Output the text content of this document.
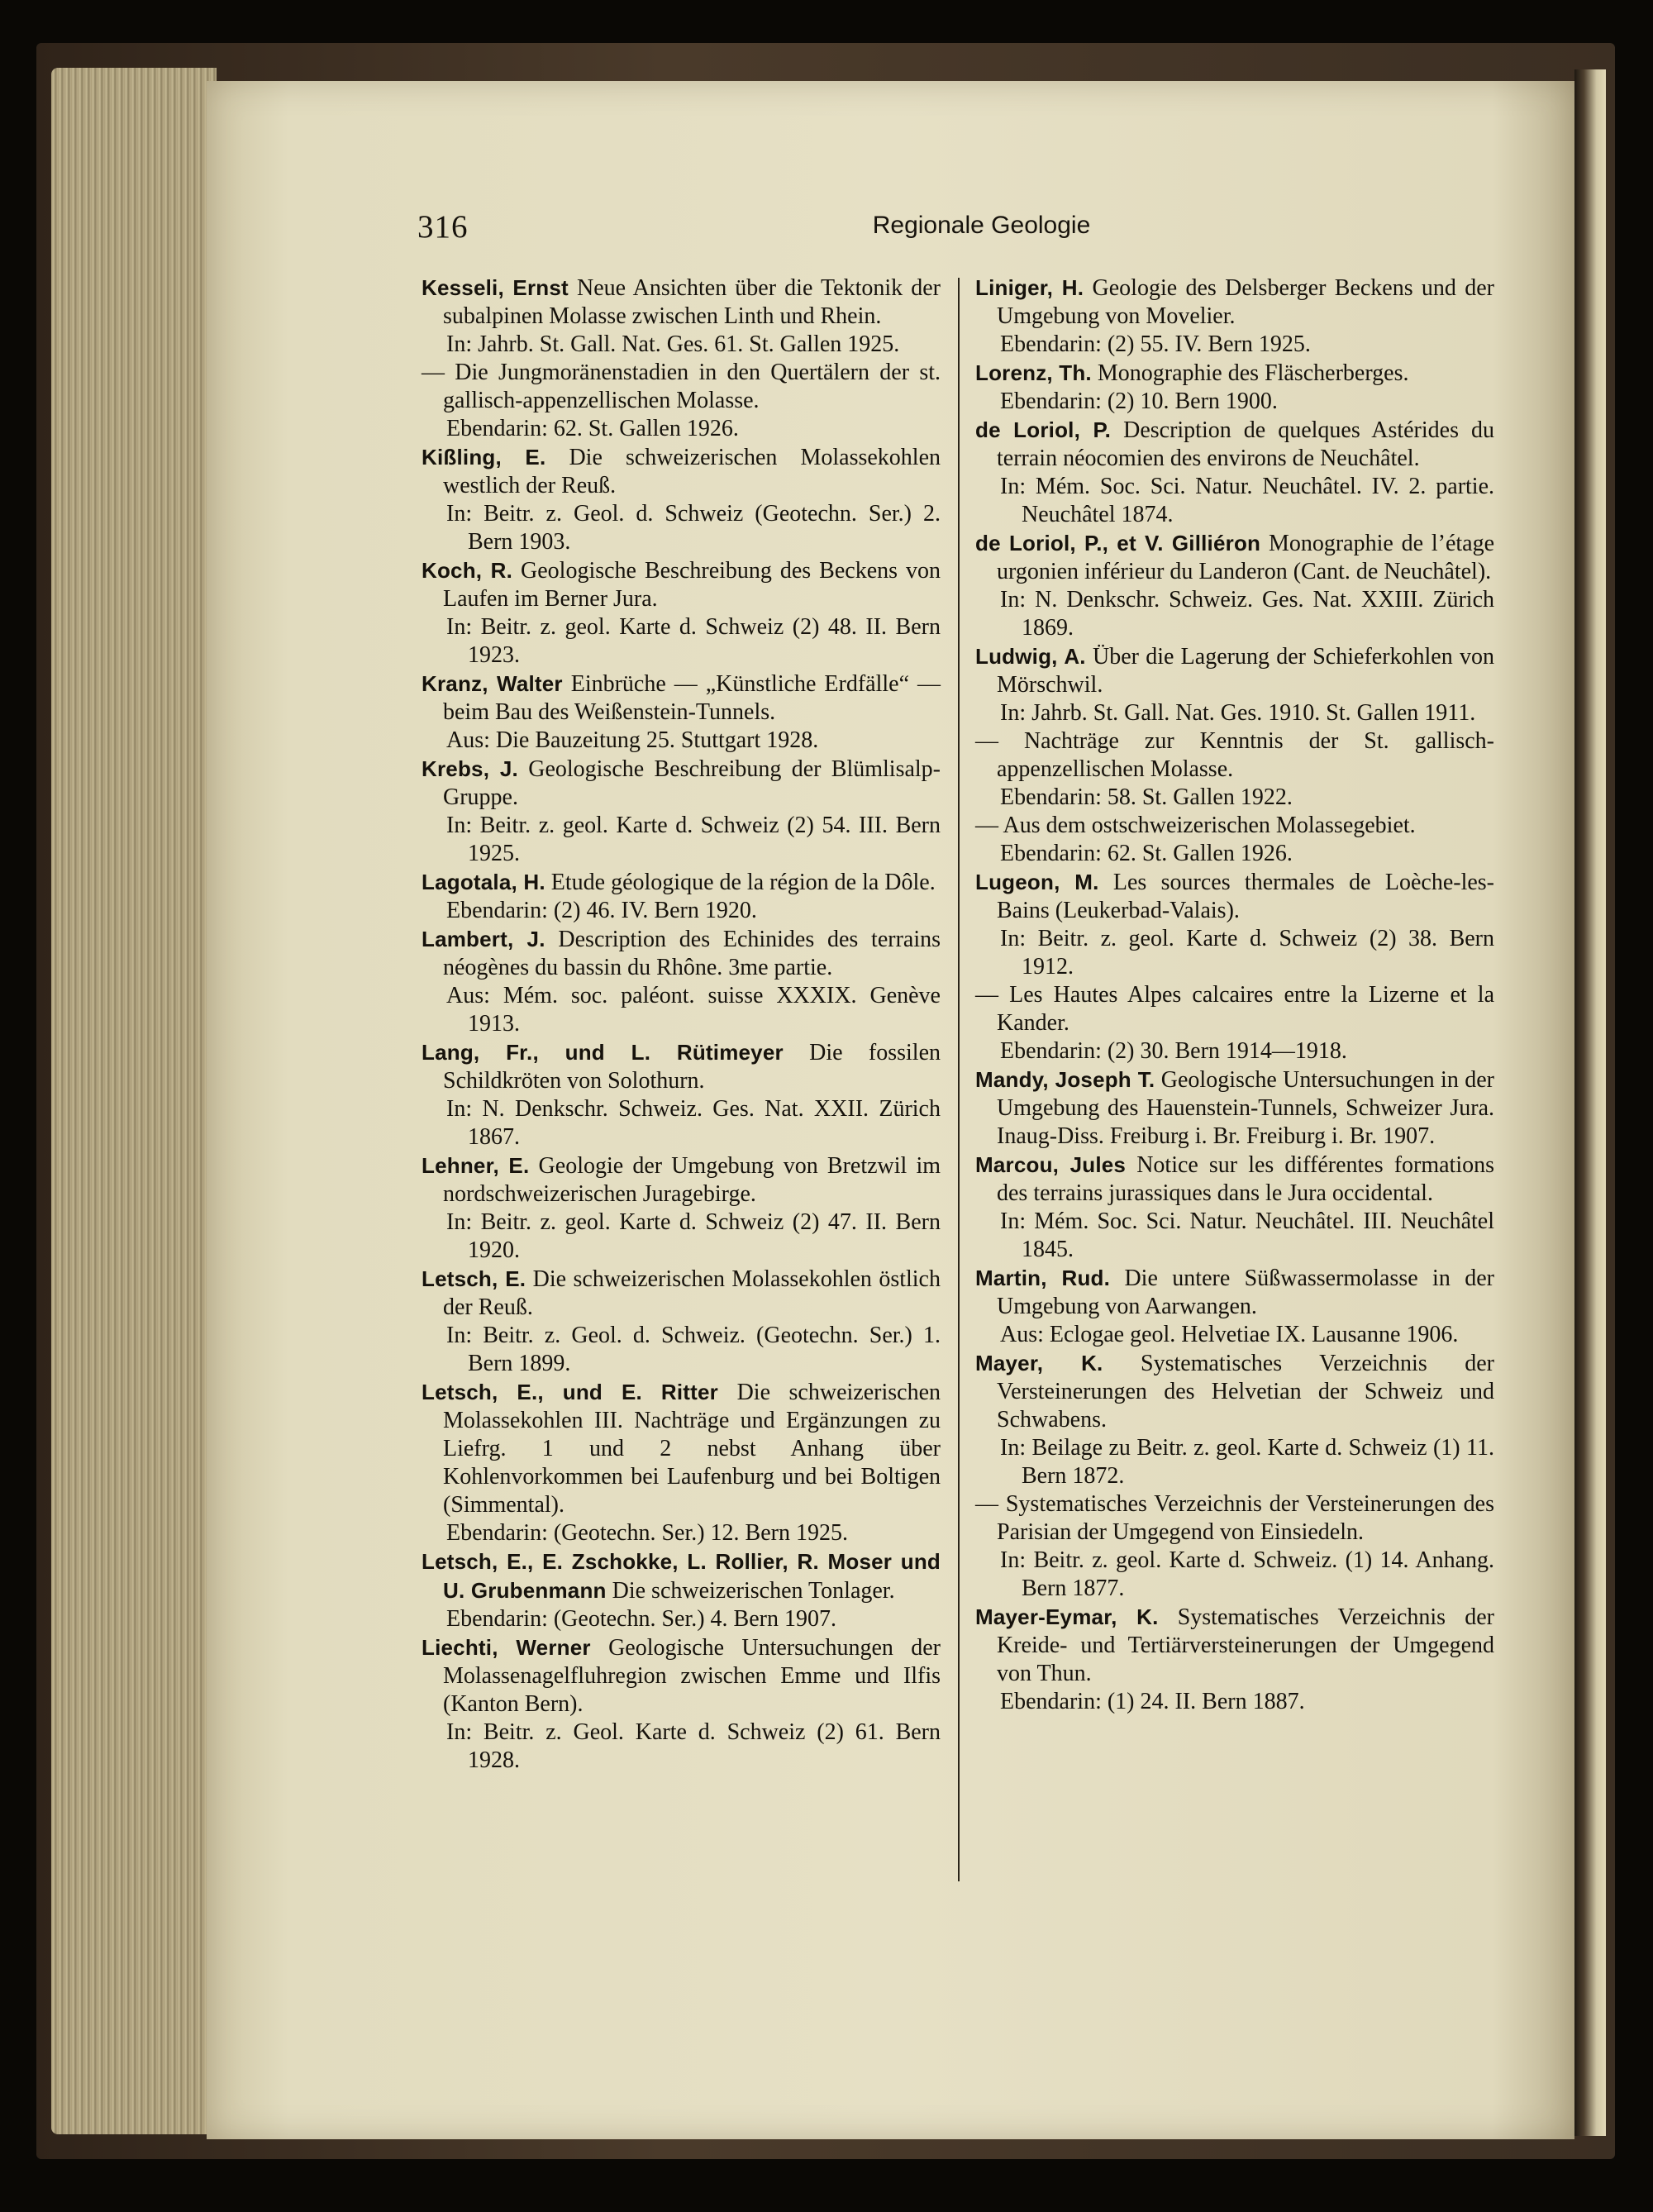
316	Regionale Geologie

Kesseli, Ernst Neue Ansichten über die Tektonik der subalpinen Molasse zwischen Linth und Rhein.

In: Jahrb. St. Gall. Nat. Ges. 61. St. Gallen 1925.

— Die Jungmoränenstadien in den Quertälern der st. gallisch-appenzellischen Molasse.

Ebendarin: 62. St. Gallen 1926.

Kißling, E. Die schweizerischen Molassekohlen westlich der Reuß.

In: Beitr. z. Geol. d. Schweiz (Geotechn. Ser.) 2. Bern 1903.

Koch, R. Geologische Beschreibung des Beckens von Laufen im Berner Jura.

In: Beitr. z. geol. Karte d. Schweiz (2) 48. II. Bern 1923.

Kranz, Walter Einbrüche — „Künstliche Erdfälle“ — beim Bau des Weißenstein-Tunnels.

Aus: Die Bauzeitung 25. Stuttgart 1928.

Krebs, J. Geologische Beschreibung der Blümlisalp-Gruppe.

In: Beitr. z. geol. Karte d. Schweiz (2) 54. III. Bern 1925.

Lagotala, H. Etude géologique de la région de la Dôle.

Ebendarin: (2) 46. IV. Bern 1920.

Lambert, J. Description des Echinides des terrains néogènes du bassin du Rhône. 3me partie.

Aus: Mém. soc. paléont. suisse XXXIX. Genève 1913.

Lang, Fr., und L. Rütimeyer Die fossilen Schildkröten von Solothurn.

In: N. Denkschr. Schweiz. Ges. Nat. XXII. Zürich 1867.

Lehner, E. Geologie der Umgebung von Bretzwil im nordschweizerischen Juragebirge.

In: Beitr. z. geol. Karte d. Schweiz (2) 47. II. Bern 1920.

Letsch, E. Die schweizerischen Molassekohlen östlich der Reuß.

In: Beitr. z. Geol. d. Schweiz. (Geotechn. Ser.) 1. Bern 1899.

Letsch, E., und E. Ritter Die schweizerischen Molassekohlen III. Nachträge und Ergänzungen zu Liefrg. 1 und 2 nebst Anhang über Kohlenvorkommen bei Laufenburg und bei Boltigen (Simmental).

Ebendarin: (Geotechn. Ser.) 12. Bern 1925.

Letsch, E., E. Zschokke, L. Rollier, R. Moser und U. Grubenmann Die schweizerischen Tonlager.

Ebendarin: (Geotechn. Ser.) 4. Bern 1907.

Liechti, Werner Geologische Untersuchungen der Molassenagelfluhregion zwischen Emme und Ilfis (Kanton Bern).

In: Beitr. z. Geol. Karte d. Schweiz (2) 61. Bern 1928.

Liniger, H. Geologie des Delsberger Beckens und der Umgebung von Movelier.

Ebendarin: (2) 55. IV. Bern 1925.

Lorenz, Th. Monographie des Fläscherberges.

Ebendarin: (2) 10. Bern 1900.

de Loriol, P. Description de quelques Astérides du terrain néocomien des environs de Neuchâtel.

In: Mém. Soc. Sci. Natur. Neuchâtel. IV. 2. partie. Neuchâtel 1874.

de Loriol, P., et V. Gilliéron Monographie de l’étage urgonien inférieur du Landeron (Cant. de Neuchâtel).

In: N. Denkschr. Schweiz. Ges. Nat. XXIII. Zürich 1869.

Ludwig, A. Über die Lagerung der Schieferkohlen von Mörschwil.

In: Jahrb. St. Gall. Nat. Ges. 1910. St. Gallen 1911.

— Nachträge zur Kenntnis der St. gallisch-appenzellischen Molasse.

Ebendarin: 58. St. Gallen 1922.

— Aus dem ostschweizerischen Molassegebiet.

Ebendarin: 62. St. Gallen 1926.

Lugeon, M. Les sources thermales de Loèche-les-Bains (Leukerbad-Valais).

In: Beitr. z. geol. Karte d. Schweiz (2) 38. Bern 1912.

— Les Hautes Alpes calcaires entre la Lizerne et la Kander.

Ebendarin: (2) 30. Bern 1914—1918.

Mandy, Joseph T. Geologische Untersuchungen in der Umgebung des Hauenstein-Tunnels, Schweizer Jura. Inaug-Diss. Freiburg i. Br. Freiburg i. Br. 1907.

Marcou, Jules Notice sur les différentes formations des terrains jurassiques dans le Jura occidental.

In: Mém. Soc. Sci. Natur. Neuchâtel. III. Neuchâtel 1845.

Martin, Rud. Die untere Süßwassermolasse in der Umgebung von Aarwangen.

Aus: Eclogae geol. Helvetiae IX. Lausanne 1906.

Mayer, K. Systematisches Verzeichnis der Versteinerungen des Helvetian der Schweiz und Schwabens.

In: Beilage zu Beitr. z. geol. Karte d. Schweiz (1) 11. Bern 1872.

— Systematisches Verzeichnis der Versteinerungen des Parisian der Umgegend von Einsiedeln.

In: Beitr. z. geol. Karte d. Schweiz. (1) 14. Anhang. Bern 1877.

Mayer-Eymar, K. Systematisches Verzeichnis der Kreide- und Tertiärversteinerungen der Umgegend von Thun.

Ebendarin: (1) 24. II. Bern 1887.
